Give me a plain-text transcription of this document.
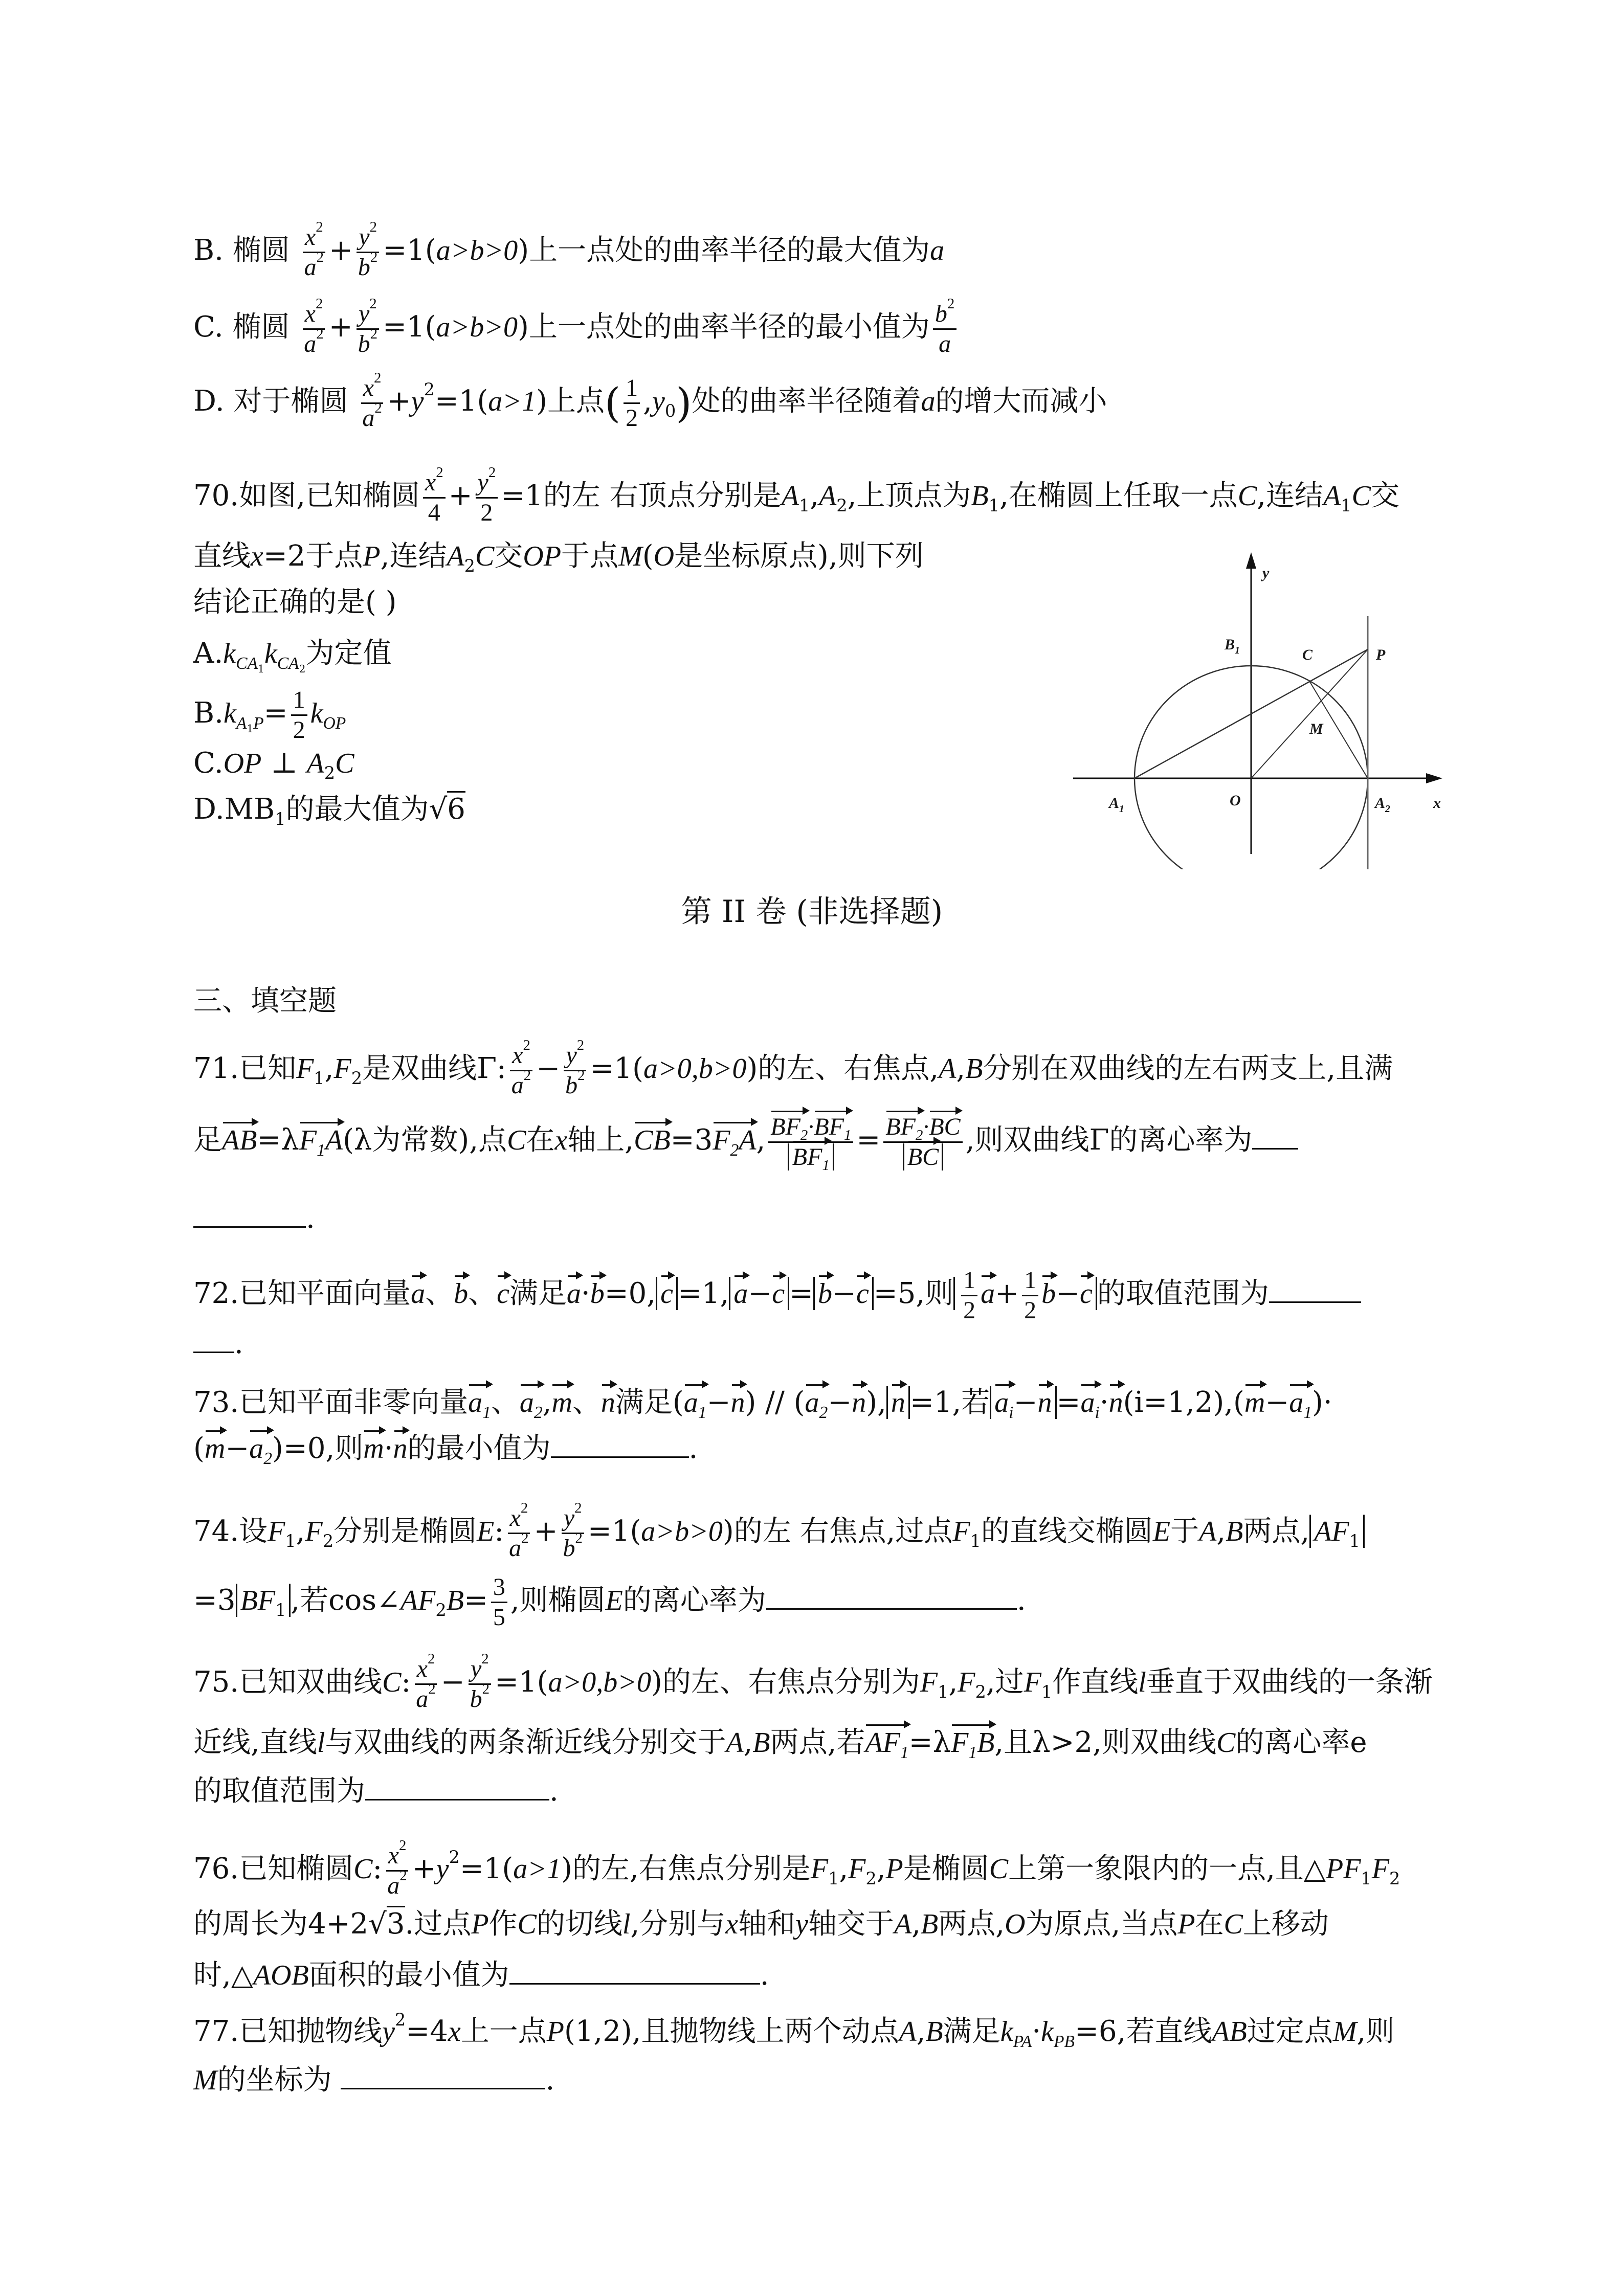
B. 椭圆 $\frac{x^2}{a^2} + \frac{y^2}{b^2} =1(a>b>0)$上一点处的曲率半径的最大值为a
C. 椭圆 $\frac{x^2}{a^2} + \frac{y^2}{b^2} =1(a>b>0)$上一点处的曲率半径的最小值为 $\frac{b^2}{a}$
D. 对于椭圆 $\frac{x^2}{a^2} +y^2=1(a>1)$上点( $\frac{1}{2} ,y_0$)处的曲率半径随着a的增大而减小
70.如图,已知椭圆 $\frac{x^2}{4} + \frac{y^2}{2} =1$的左 右顶点分别是$A_1,A_2$,上顶点为$B_1$,在椭圆上任取一点C,连结$A_1C$交
直线x=2于点P,连结$A_2C$交OP于点M(O是坐标原点),则下列
结论正确的是( )
$A.k_{CA_1}k_{CA_2}$为定值
$B.k_{A_1P}= \frac{1}{2} k_{OP}$
C.OP ⊥ $A_2C$
$D.MB_1$的最大值为√6
y
x
$B_1$	C	P
M
$A_1$	O	$A_2$
第 II 卷 (非选择题)
三、填空题
71.已知$F_1,F_2$是双曲线Γ: $\frac{x^2}{a^2} - \frac{y^2}{b^2} =1(a>0,b>0)$的左、右焦点,A,B分别在双曲线的左右两支上,且满
足$AB=\lambda F_1A(\lambda$为常数),点C在x轴上$,CB=3F_2A$, $\frac{BF_2\cdot BF_1}{BF_1} = \frac{BF_2\cdot BC}{BC}$ ,则双曲线Γ的离心率为
.
72.已知平面向量a、b、c满足a·b=0, c =1, a−c = b−c =5,则 $\frac{1}{2} a+ \frac{1}{2} b-c$ 的取值范围为
.
73.已知平面非零向量$a_1$、$a_2,m$、n满足$(a_1-n) // (a_2-n)$, n =1,若 $a_i-n =a_i\cdot n(i=1,2),(m-a_1)\cdot$
$(m-a_2)=0$,则m·n的最小值为	.
74.设$F_1,F_2$分别是椭圆E: $\frac{x^2}{a^2} + \frac{y^2}{b^2} =1(a>b>0)$的左 右焦点,过点$F_1$的直线交椭圆E于A,B两点, $AF_1$
=3 $BF_1$ ,若$\cos\angle AF_2B= \frac{3}{5}$ ,则椭圆E的离心率为	.
75.已知双曲线C: $\frac{x^2}{a^2} - \frac{y^2}{b^2} =1(a>0,b>0)$的左、右焦点分别为$F_1,F_2$,过$F_1$作直线l垂直于双曲线的一条渐
近线,直线l与双曲线的两条渐近线分别交于A,B两点,若$AF_1=\lambda F_1B$,且λ>2,则双曲线C的离心率e
的取值范围为	.
76.已知椭圆C: $\frac{x^2}{a^2} +y^2=1(a>1)$的左,右焦点分别是$F_1,F_2,P$是椭圆C上第一象限内的一点,且$\triangle PF_1F_2$
的周长为4+2√3.过点P作C的切线l,分别与x轴和y轴交于A,B两点,O为原点,当点P在C上移动
时,△AOB面积的最小值为	.
77.已知抛物线$y^2=4x$上一点P(1,2),且抛物线上两个动点A,B满足$k_{PA}\cdot k_{PB}=6$,若直线AB过定点M,则
M的坐标为	.
